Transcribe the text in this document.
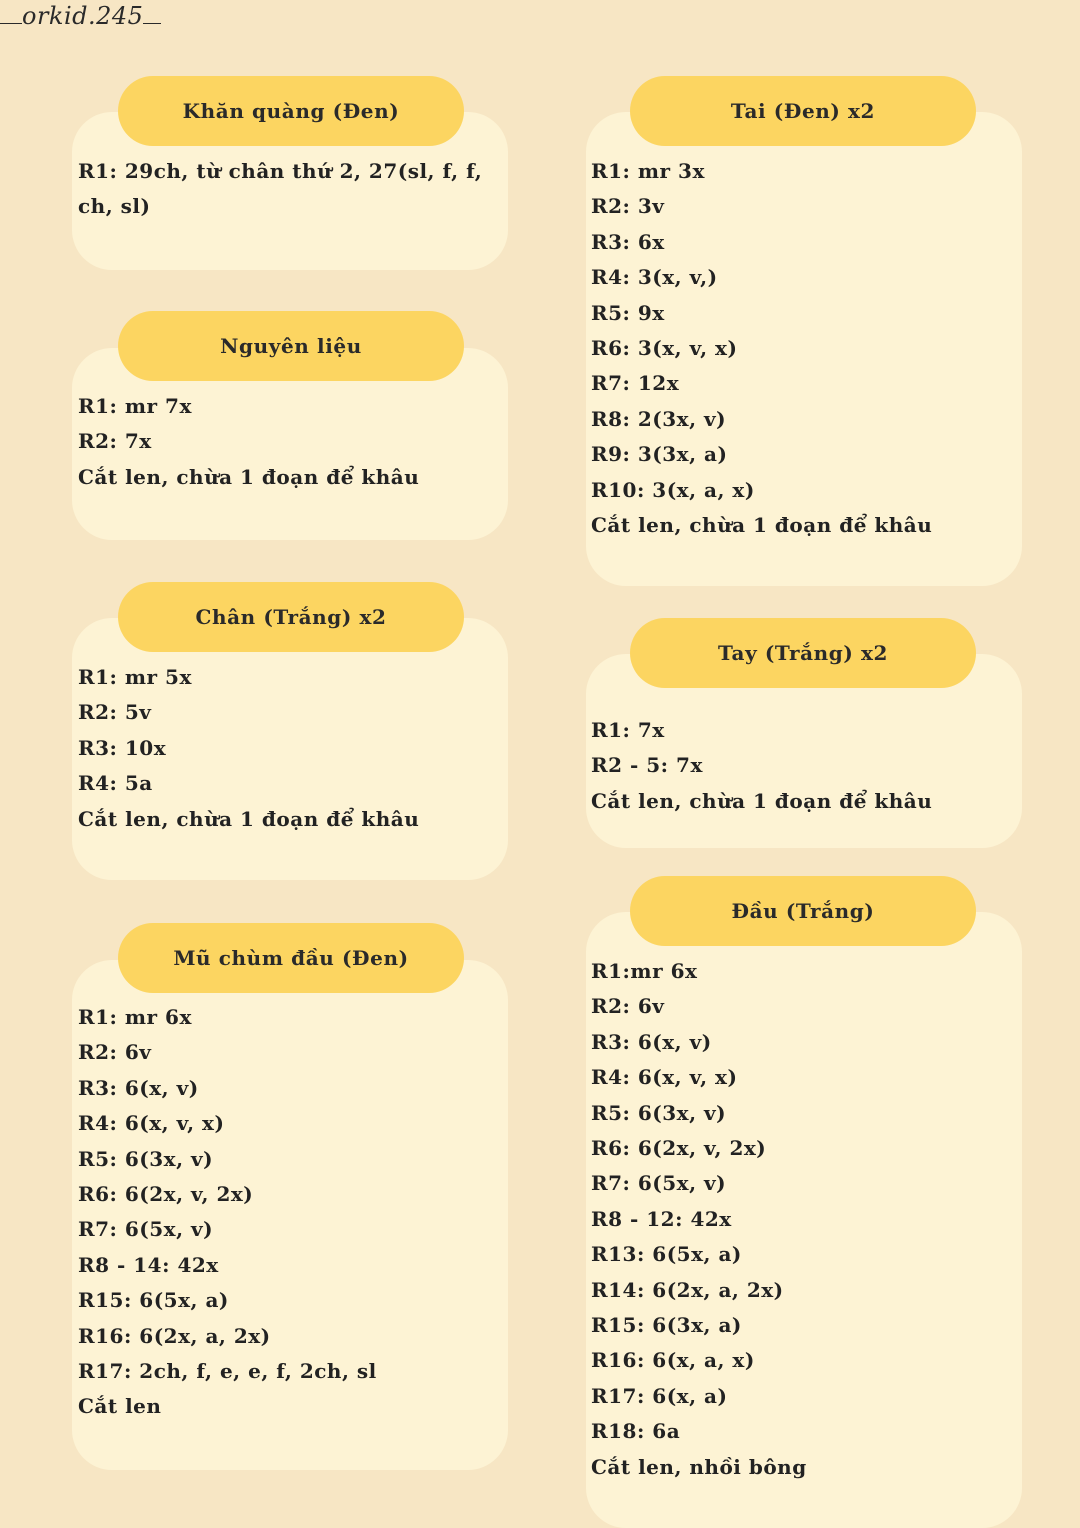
orkid.245
Khăn quàng (Đen)
R1: 29ch, từ chân thứ 2, 27(sl, f, f, ch, sl)
Nguyên liệu
R1: mr 7x
R2: 7x
Cắt len, chừa 1 đoạn để khâu
Chân (Trắng) x2
R1: mr 5x
R2: 5v
R3: 10x
R4: 5a
Cắt len, chừa 1 đoạn để khâu
Mũ chùm đầu (Đen)
R1: mr 6x
R2: 6v
R3: 6(x, v)
R4: 6(x, v, x)
R5: 6(3x, v)
R6: 6(2x, v, 2x)
R7: 6(5x, v)
R8 - 14: 42x
R15: 6(5x, a)
R16: 6(2x, a, 2x)
R17: 2ch, f, e, e, f, 2ch, sl
Cắt len
Tai (Đen) x2
R1: mr 3x
R2: 3v
R3: 6x
R4: 3(x, v,)
R5: 9x
R6: 3(x, v, x)
R7: 12x
R8: 2(3x, v)
R9: 3(3x, a)
R10: 3(x, a, x)
Cắt len, chừa 1 đoạn để khâu
Tay (Trắng) x2
R1: 7x
R2 - 5: 7x
Cắt len, chừa 1 đoạn để khâu
Đầu (Trắng)
R1:mr 6x
R2: 6v
R3: 6(x, v)
R4: 6(x, v, x)
R5: 6(3x, v)
R6: 6(2x, v, 2x)
R7: 6(5x, v)
R8 - 12: 42x
R13: 6(5x, a)
R14: 6(2x, a, 2x)
R15: 6(3x, a)
R16: 6(x, a, x)
R17: 6(x, a)
R18: 6a
Cắt len, nhồi bông
